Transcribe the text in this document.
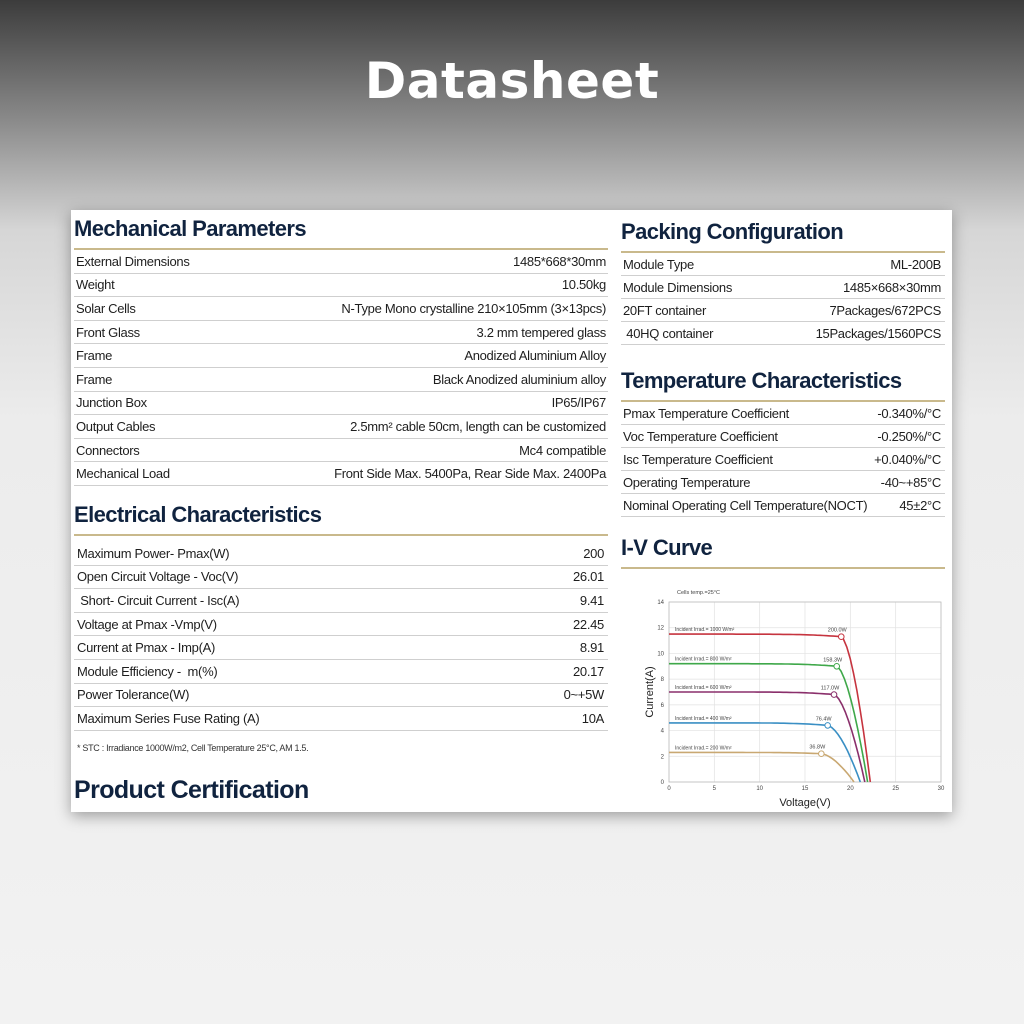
Datasheet
Mechanical Parameters
External Dimensions	1485*668*30mm
Weight	10.50kg
Solar Cells	N-Type Mono crystalline 210×105mm (3×13pcs)
Front Glass	3.2 mm tempered glass
Frame	Anodized Aluminium Alloy
Frame	Black Anodized aluminium alloy
Junction Box	IP65/IP67
Output Cables	2.5mm² cable 50cm, length can be customized
Connectors	Mc4 compatible
Mechanical Load	Front Side Max. 5400Pa, Rear Side Max. 2400Pa
Electrical Characteristics
Maximum Power- Pmax(W)	200
Open Circuit Voltage - Voc(V)	26.01
Short- Circuit Current - Isc(A)	9.41
Voltage at Pmax -Vmp(V)	22.45
Current at Pmax - Imp(A)	8.91
Module Efficiency -  m(%)	20.17
Power Tolerance(W)	0~+5W
Maximum Series Fuse Rating (A)	10A
* STC : Irradiance 1000W/m2, Cell Temperature 25°C, AM 1.5.
Product Certification
Packing Configuration
Module Type	ML-200B
Module Dimensions	1485×668×30mm
20FT container	7Packages/672PCS
40HQ container	15Packages/1560PCS
Temperature Characteristics
Pmax Temperature Coefficient	-0.340%/°C
Voc Temperature Coefficient	-0.250%/°C
Isc Temperature Coefficient	+0.040%/°C
Operating Temperature	-40~+85°C
Nominal Operating Cell Temperature(NOCT) 45±2°C
I-V Curve
0	5	10	15	20	25	30
0
2
4
6
8
10
12
14
Cells temp.=25°C
Voltage(V)
Current(A)
200.0W
Incident Irrad.= 1000 W/m²
158.3W
Incident Irrad.= 800 W/m²
117.0W
Incident Irrad.= 600 W/m²
76.4W
Incident Irrad.= 400 W/m²
36.8W
Incident Irrad.= 200 W/m²
